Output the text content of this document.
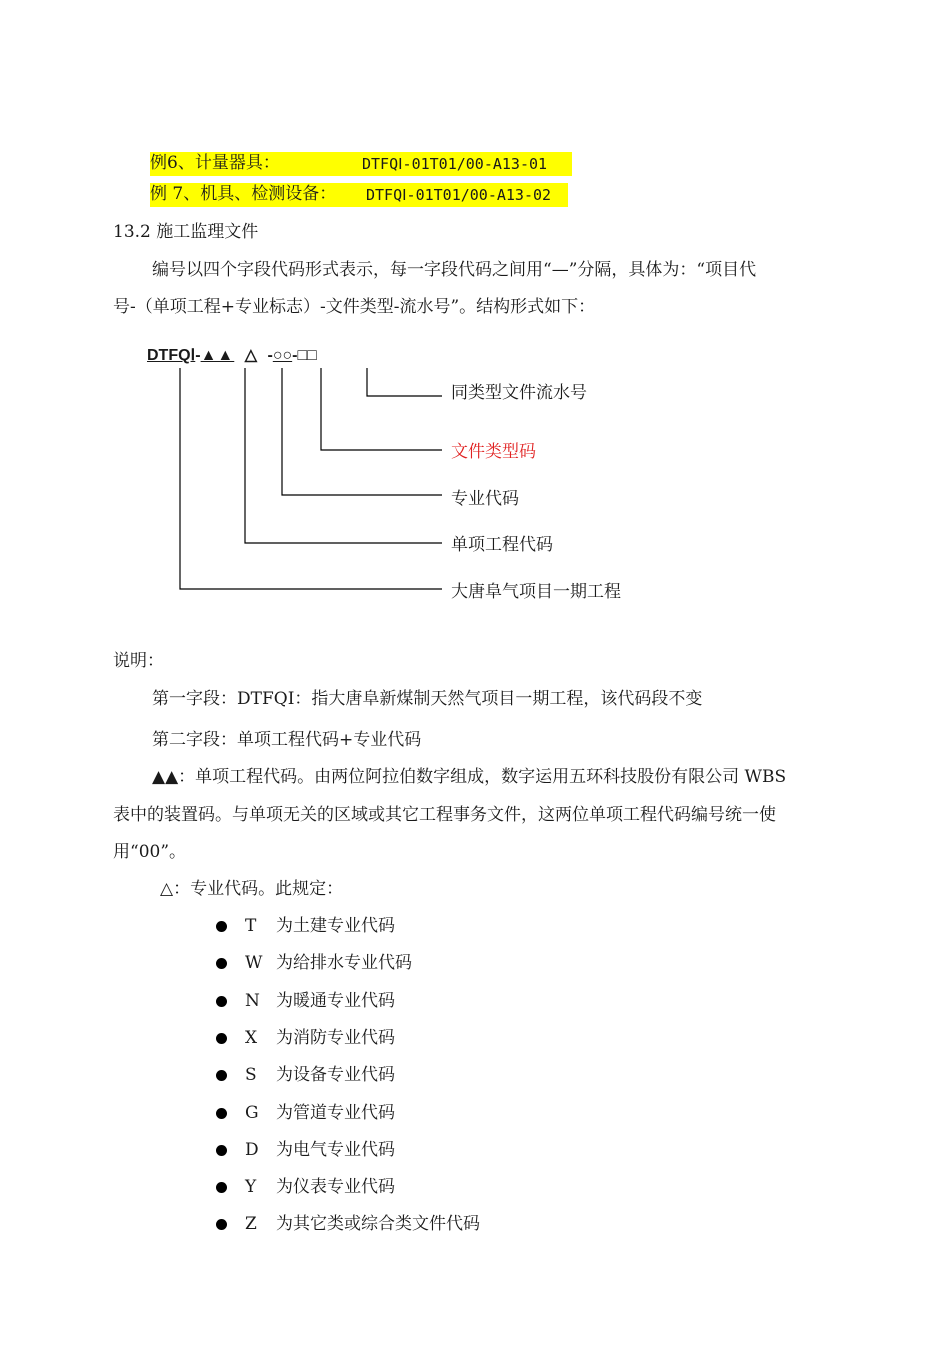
例6、计量器具：	DTFQⅠ-01T01/00-A13-01
例 7、机具、检测设备： DTFQⅠ-01T01/00-A13-02
13.2 施工监理文件
编号以四个字段代码形式表示，每一字段代码之间用“—”分隔，具体为：“项目代
号-（单项工程+专业标志）-文件类型-流水号”。结构形式如下：
DTFQⅠ-▲▲ △ -○○-□□
同类型文件流水号
文件类型码
专业代码
单项工程代码
大唐阜气项目一期工程
说明：
第一字段：DTFQⅠ：指大唐阜新煤制天然气项目一期工程，该代码段不变
第二字段：单项工程代码+专业代码
▲▲：单项工程代码。由两位阿拉伯数字组成，数字运用五环科技股份有限公司 WBS
表中的装置码。与单项无关的区域或其它工程事务文件，这两位单项工程代码编号统一使
用“00”。
△：专业代码。此规定：
T 为土建专业代码
W 为给排水专业代码
N 为暖通专业代码
X 为消防专业代码
S 为设备专业代码
G 为管道专业代码
D 为电气专业代码
Y 为仪表专业代码
Z 为其它类或综合类文件代码
